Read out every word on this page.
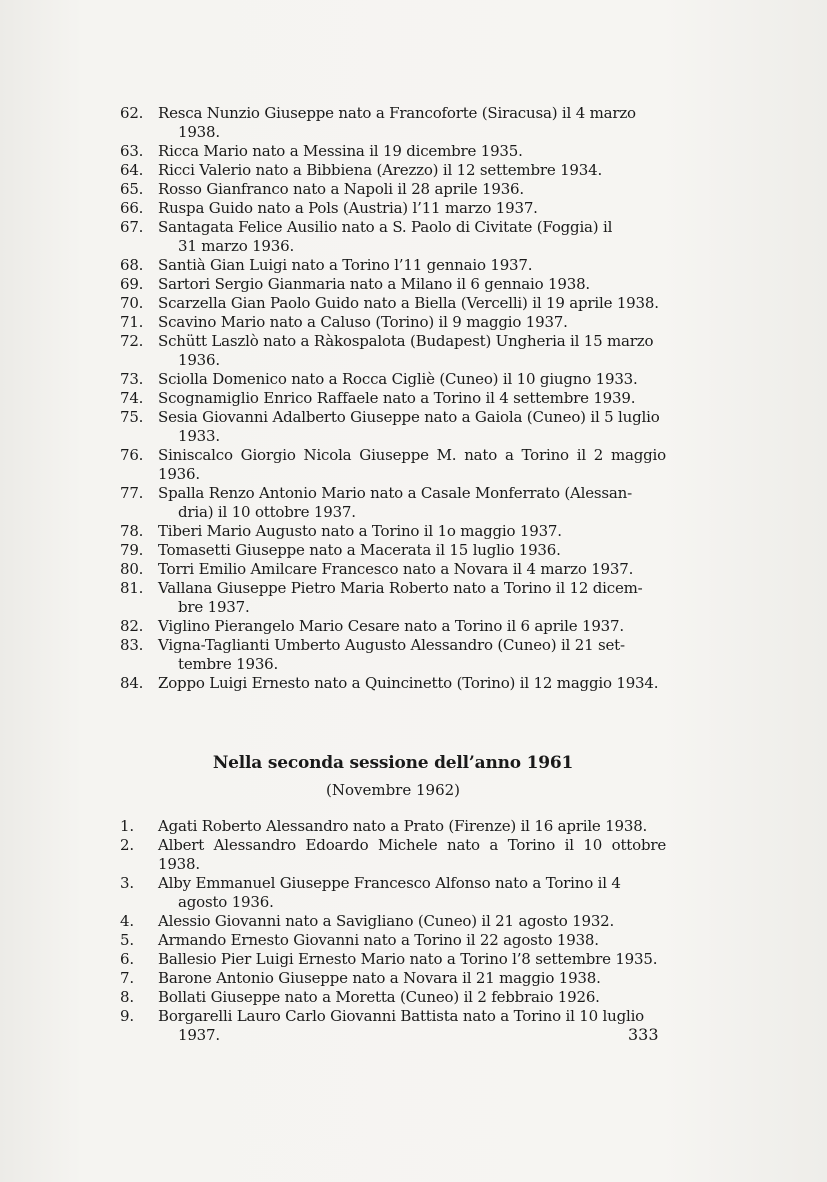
62. Resca Nunzio Giuseppe nato a Francoforte (Siracusa) il 4 marzo
1938.
63. Ricca Mario nato a Messina il 19 dicembre 1935.
64. Ricci Valerio nato a Bibbiena (Arezzo) il 12 settembre 1934.
65. Rosso Gianfranco nato a Napoli il 28 aprile 1936.
66. Ruspa Guido nato a Pols (Austria) l’11 marzo 1937.
67. Santagata Felice Ausilio nato a S. Paolo di Civitate (Foggia) il
31 marzo 1936.
68. Santià Gian Luigi nato a Torino l’11 gennaio 1937.
69. Sartori Sergio Gianmaria nato a Milano il 6 gennaio 1938.
70. Scarzella Gian Paolo Guido nato a Biella (Vercelli) il 19 aprile 1938.
71. Scavino Mario nato a Caluso (Torino) il 9 maggio 1937.
72. Schütt Laszlò nato a Ràkospalota (Budapest) Ungheria il 15 marzo
1936.
73. Sciolla Domenico nato a Rocca Cigliè (Cuneo) il 10 giugno 1933.
74. Scognamiglio Enrico Raffaele nato a Torino il 4 settembre 1939.
75. Sesia Giovanni Adalberto Giuseppe nato a Gaiola (Cuneo) il 5 luglio
1933.
76. Siniscalco Giorgio Nicola Giuseppe M. nato a Torino il 2 maggio 1936.
77. Spalla Renzo Antonio Mario nato a Casale Monferrato (Alessan-
dria) il 10 ottobre 1937.
78. Tiberi Mario Augusto nato a Torino il 1o maggio 1937.
79. Tomasetti Giuseppe nato a Macerata il 15 luglio 1936.
80. Torri Emilio Amilcare Francesco nato a Novara il 4 marzo 1937.
81. Vallana Giuseppe Pietro Maria Roberto nato a Torino il 12 dicem-
bre 1937.
82. Viglino Pierangelo Mario Cesare nato a Torino il 6 aprile 1937.
83. Vigna-Taglianti Umberto Augusto Alessandro (Cuneo) il 21 set-
tembre 1936.
84. Zoppo Luigi Ernesto nato a Quincinetto (Torino) il 12 maggio 1934.
Nella seconda sessione dell’anno 1961
(Novembre 1962)
1.	Agati Roberto Alessandro nato a Prato (Firenze) il 16 aprile 1938.
2.	Albert Alessandro Edoardo Michele nato a Torino il 10 ottobre 1938.
3.	Alby Emmanuel Giuseppe Francesco Alfonso nato a Torino il 4
agosto 1936.
4.	Alessio Giovanni nato a Savigliano (Cuneo) il 21 agosto 1932.
5.	Armando Ernesto Giovanni nato a Torino il 22 agosto 1938.
6.	Ballesio Pier Luigi Ernesto Mario nato a Torino l’8 settembre 1935.
7.	Barone Antonio Giuseppe nato a Novara il 21 maggio 1938.
8.	Bollati Giuseppe nato a Moretta (Cuneo) il 2 febbraio 1926.
9.	Borgarelli Lauro Carlo Giovanni Battista nato a Torino il 10 luglio
1937.	333
